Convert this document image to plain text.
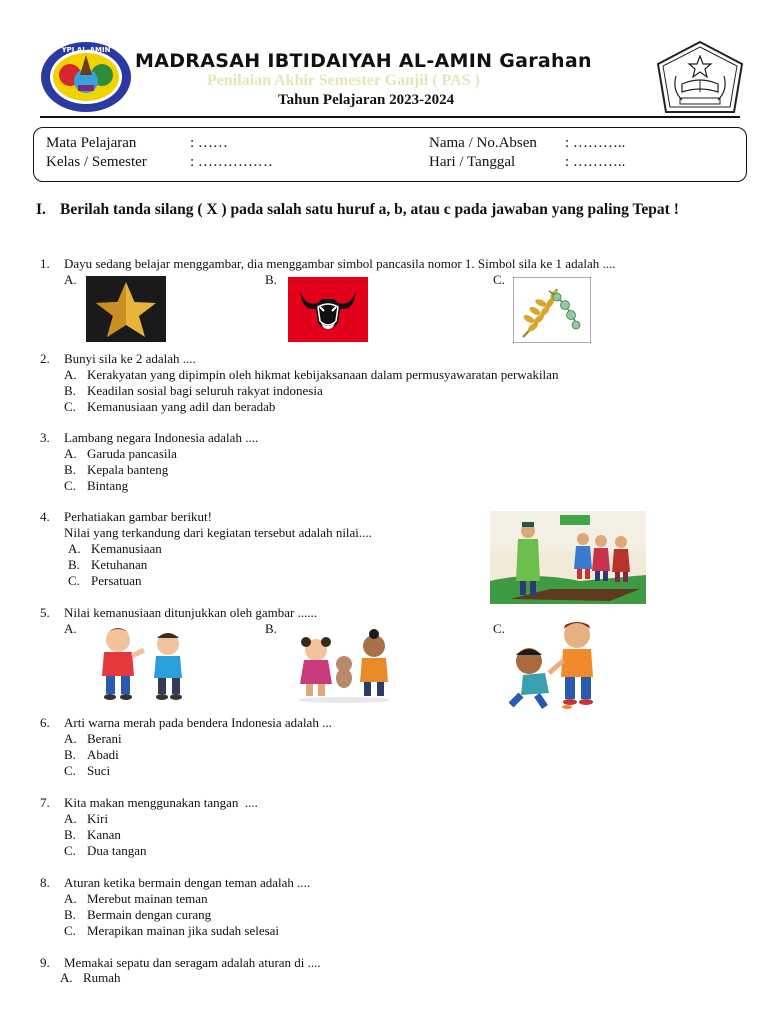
YPI AL-AMIN MADRASAH IBTIDAIYAH AL-AMIN Garahan
Penilaian Akhir Semester Ganjil ( PAS )
Tahun Pelajaran 2023-2024
Mata Pelajaran	: ……
Kelas / Semester	: ……………
Nama / No.Absen : ………..
Hari / Tanggal	: ………..
I. Berilah tanda silang ( X ) pada salah satu huruf a, b, atau c pada jawaban yang paling Tepat !
1. Dayu sedang belajar menggambar, dia menggambar simbol pancasila nomor 1. Simbol sila ke 1 adalah ....
A.	B.	C.
2. Bunyi sila ke 2 adalah ....
A. Kerakyatan yang dipimpin oleh hikmat kebijaksanaan dalam permusyawaratan perwakilan
B. Keadilan sosial bagi seluruh rakyat indonesia
C. Kemanusiaan yang adil dan beradab
3. Lambang negara Indonesia adalah ....
A. Garuda pancasila
B. Kepala banteng
C. Bintang
4. Perhatiakan gambar berikut!
Nilai yang terkandung dari kegiatan tersebut adalah nilai....
A. Kemanusiaan
B. Ketuhanan
C. Persatuan
5. Nilai kemanusiaan ditunjukkan oleh gambar ......
A.	B.	C.
6. Arti warna merah pada bendera Indonesia adalah ...
A. Berani
B. Abadi
C. Suci
7. Kita makan menggunakan tangan  ....
A. Kiri
B. Kanan
C. Dua tangan
8. Aturan ketika bermain dengan teman adalah ....
A. Merebut mainan teman
B. Bermain dengan curang
C. Merapikan mainan jika sudah selesai
9. Memakai sepatu dan seragam adalah aturan di ....
A. Rumah
